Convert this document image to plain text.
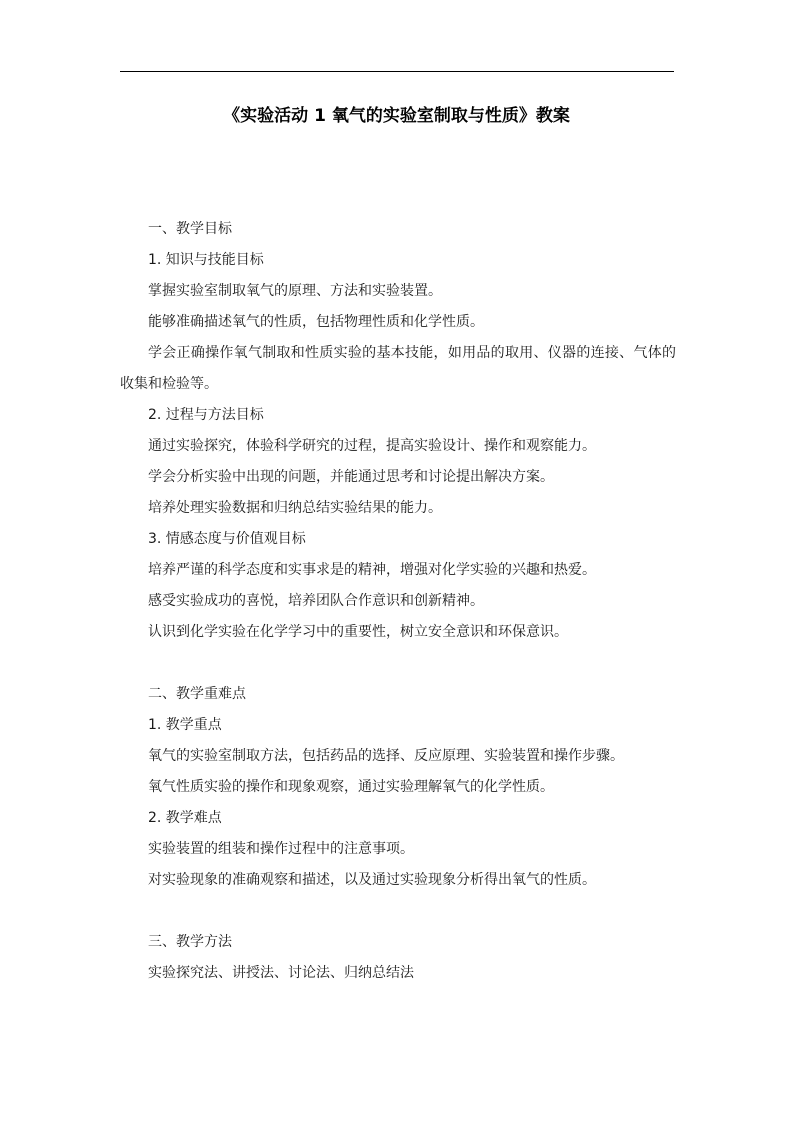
《实验活动 1 氧气的实验室制取与性质》教案

一、教学目标

1. 知识与技能目标

掌握实验室制取氧气的原理、方法和实验装置。

能够准确描述氧气的性质，包括物理性质和化学性质。

学会正确操作氧气制取和性质实验的基本技能，如用品的取用、仪器的连接、气体的收集和检验等。

2. 过程与方法目标

通过实验探究，体验科学研究的过程，提高实验设计、操作和观察能力。

学会分析实验中出现的问题，并能通过思考和讨论提出解决方案。

培养处理实验数据和归纳总结实验结果的能力。

3. 情感态度与价值观目标

培养严谨的科学态度和实事求是的精神，增强对化学实验的兴趣和热爱。

感受实验成功的喜悦，培养团队合作意识和创新精神。

认识到化学实验在化学学习中的重要性，树立安全意识和环保意识。

二、教学重难点

1. 教学重点

氧气的实验室制取方法，包括药品的选择、反应原理、实验装置和操作步骤。

氧气性质实验的操作和现象观察，通过实验理解氧气的化学性质。

2. 教学难点

实验装置的组装和操作过程中的注意事项。

对实验现象的准确观察和描述，以及通过实验现象分析得出氧气的性质。

三、教学方法

实验探究法、讲授法、讨论法、归纳总结法
